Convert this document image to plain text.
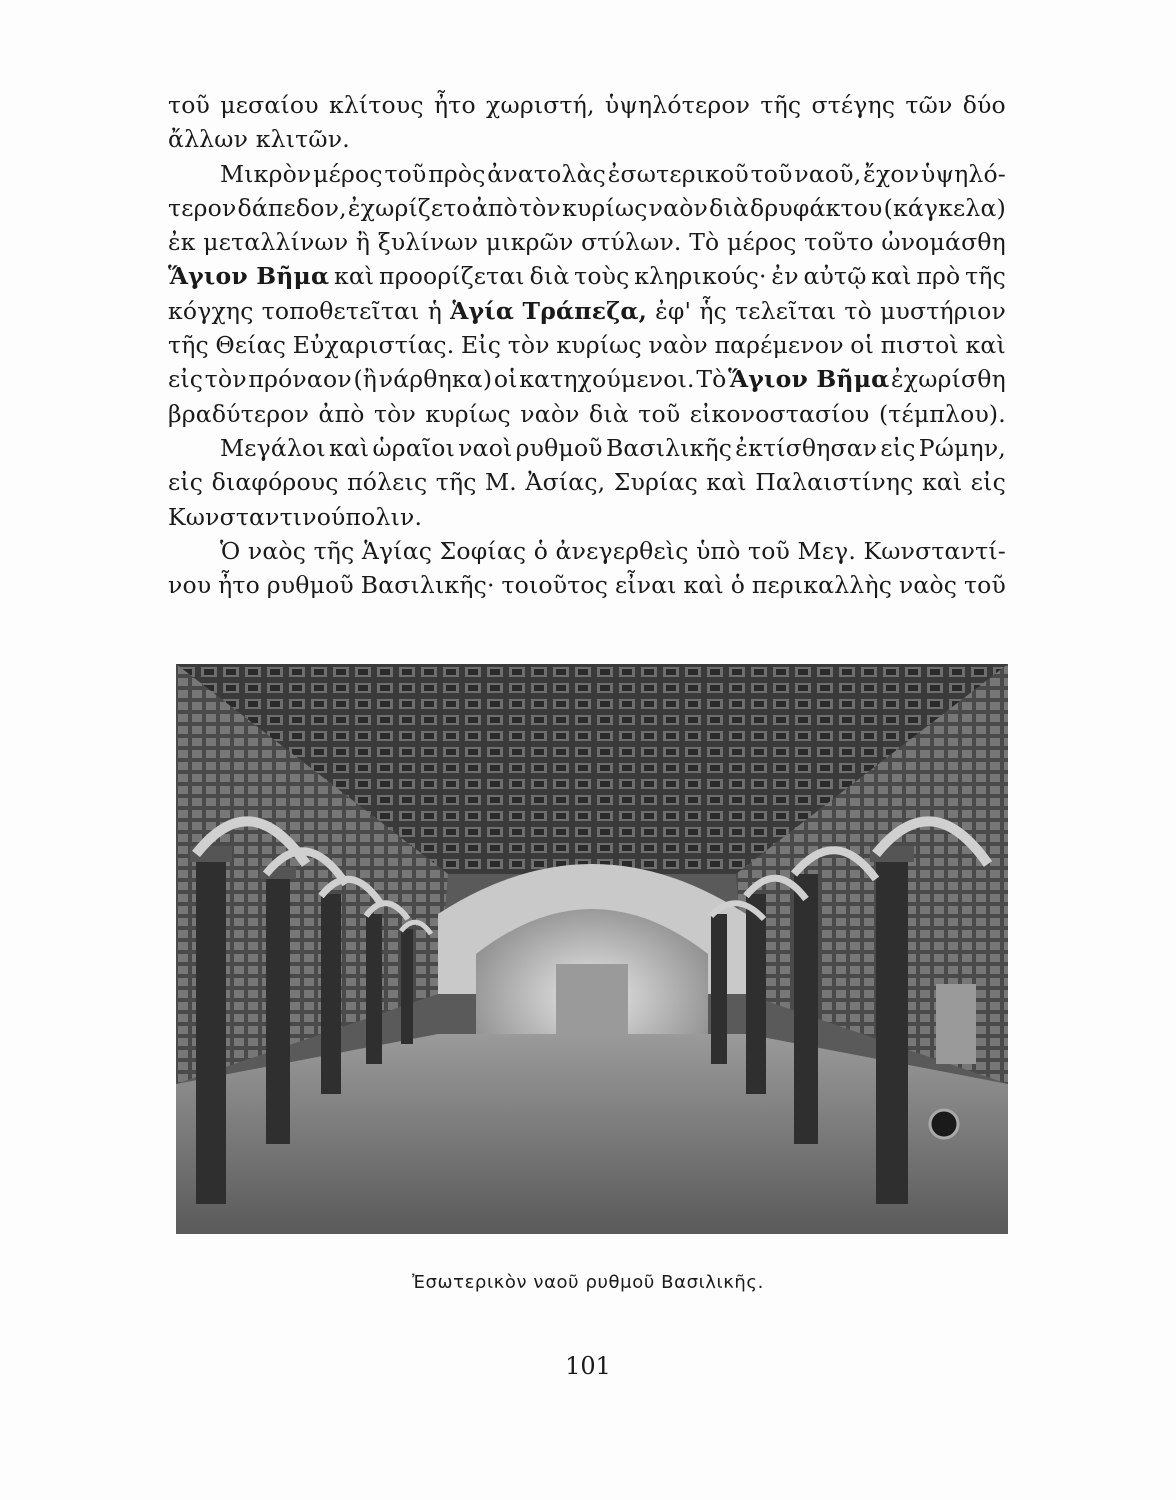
τοῦ μεσαίου κλίτους ἦτο χωριστή, ὑψηλότερον τῆς στέγης τῶν δύο
ἄλλων
κλιτῶν.

Μικρὸν μέρος τοῦ πρὸς ἀνατολὰς ἐσωτερικοῦ τοῦ ναοῦ, ἔχον ὑψηλό-
τερον δάπεδον, ἐχωρίζετο ἀπὸ τὸν κυρίως ναὸν διὰ δρυφάκτου (κάγκελα)
ἐκ μεταλλίνων ἢ ξυλίνων μικρῶν στύλων. Τὸ μέρος τοῦτο ὠνομάσθη
Ἅγιον Βῆμα καὶ προορίζεται διὰ τοὺς κληρικούς· ἐν αὐτῷ καὶ πρὸ τῆς
κόγχης τοποθετεῖται ἡ Ἁγία Τράπεζα, ἐφ' ἧς τελεῖται τὸ μυστήριον
τῆς Θείας Εὐχαριστίας. Εἰς τὸν κυρίως ναὸν παρέμενον οἱ πιστοὶ καὶ
εἰς τὸν πρόναον (ἢ νάρθηκα) οἱ κατηχούμενοι. Τὸ Ἅγιον Βῆμα ἐχωρίσθη
βραδύτερον ἀπὸ τὸν κυρίως ναὸν διὰ τοῦ εἰκονοστασίου (τέμπλου).
Μεγάλοι καὶ ὡραῖοι ναοὶ ρυθμοῦ Βασιλικῆς ἐκτίσθησαν εἰς Ρώμην,
εἰς διαφόρους πόλεις τῆς Μ. Ἀσίας, Συρίας καὶ Παλαιστίνης καὶ εἰς
Κωνσταντινούπολιν.

Ὁ ναὸς τῆς Ἁγίας Σοφίας ὁ ἀνεγερθεὶς ὑπὸ τοῦ Μεγ. Κωνσταντί-
νου ἦτο ρυθμοῦ Βασιλικῆς· τοιοῦτος εἶναι καὶ ὁ περικαλλὴς ναὸς τοῦ
Ἐσωτερικὸν ναοῦ ρυθμοῦ Βασιλικῆς.
101
